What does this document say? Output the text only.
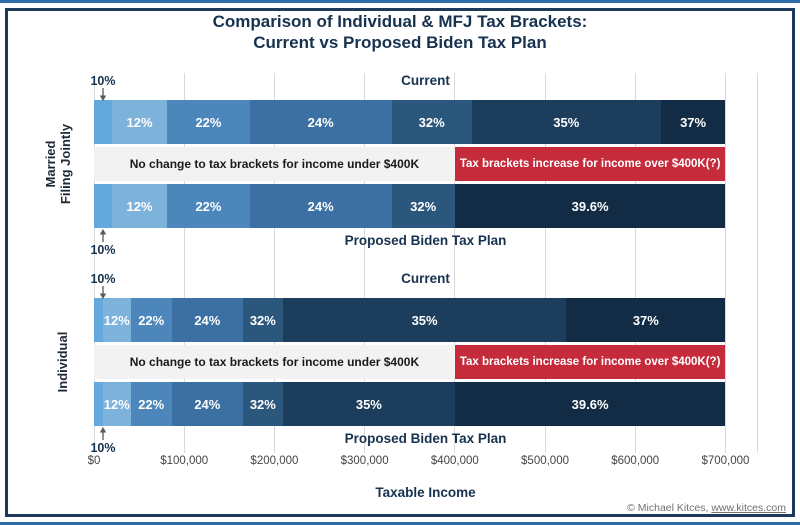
Comparison of Individual & MFJ Tax Brackets:
Current vs Proposed Biden Tax Plan
$0	$100,000	$200,000	$300,000	$400,000	$500,000	$600,000	$700,000
Married Filing Jointly
Current
Proposed Biden Tax Plan
12%	22%	24%	32%	35%	37%
12%	22%	24%	32%	39.6%
No change to tax brackets for income under $400K	Tax brackets increase for income over $400K(?)
10%
10%
Individual
Current
Proposed Biden Tax Plan
12% 22% 24% 32%	35%	37%
12% 22% 24% 32%	35%	39.6%
No change to tax brackets for income under $400K	Tax brackets increase for income over $400K(?)
10%
10%
Taxable Income
© Michael Kitces, www.kitces.com
